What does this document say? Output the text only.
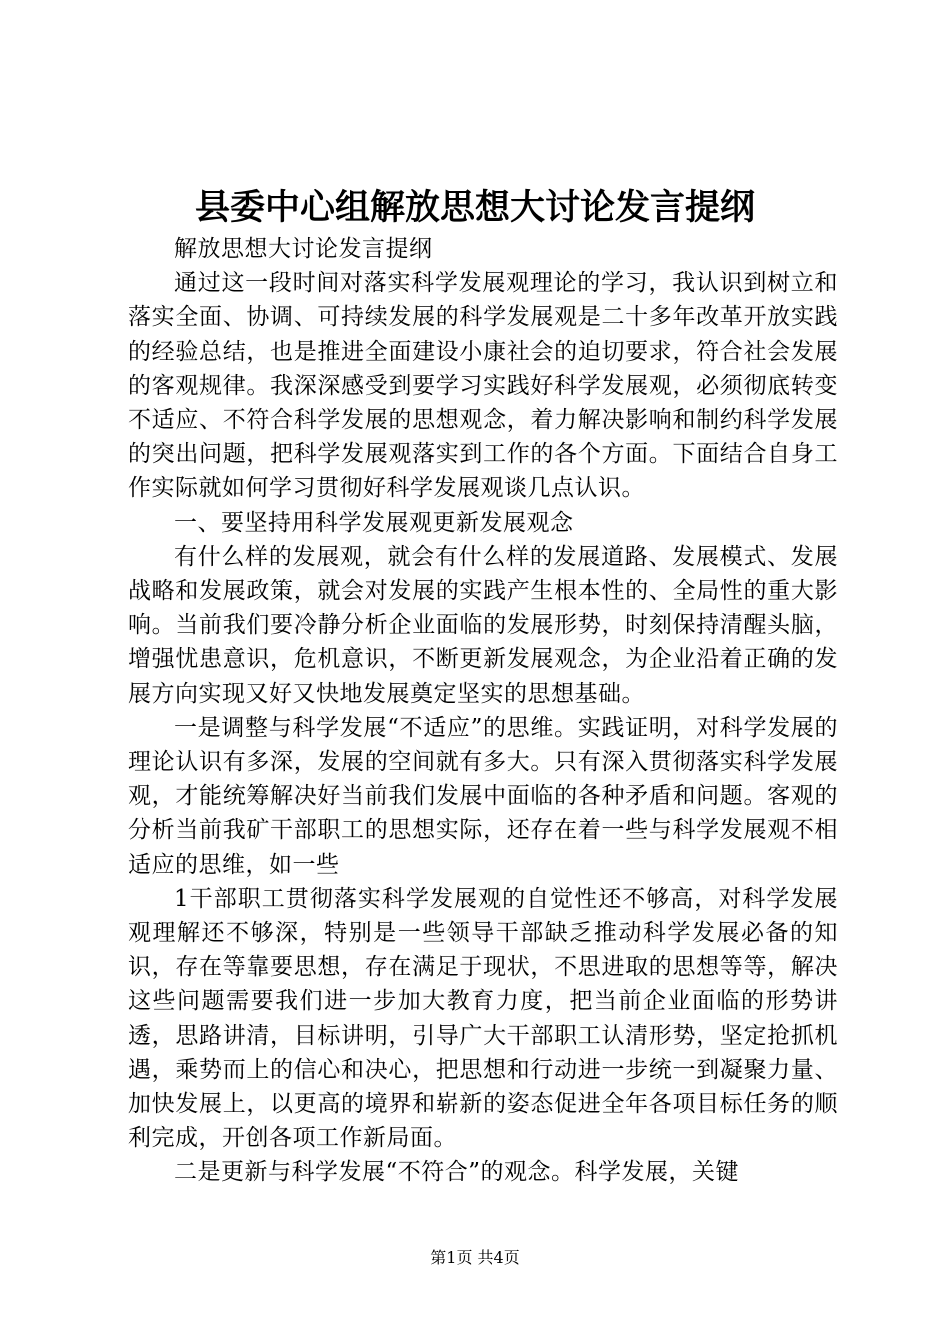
县委中心组解放思想大讨论发言提纲

解放思想大讨论发言提纲

通过这一段时间对落实科学发展观理论的学习，我认识到树立和落实全面、协调、可持续发展的科学发展观是二十多年改革开放实践的经验总结，也是推进全面建设小康社会的迫切要求，符合社会发展的客观规律。我深深感受到要学习实践好科学发展观，必须彻底转变不适应、不符合科学发展的思想观念，着力解决影响和制约科学发展的突出问题，把科学发展观落实到工作的各个方面。下面结合自身工作实际就如何学习贯彻好科学发展观谈几点认识。

一、要坚持用科学发展观更新发展观念

有什么样的发展观，就会有什么样的发展道路、发展模式、发展战略和发展政策，就会对发展的实践产生根本性的、全局性的重大影响。当前我们要冷静分析企业面临的发展形势，时刻保持清醒头脑，增强忧患意识，危机意识，不断更新发展观念，为企业沿着正确的发展方向实现又好又快地发展奠定坚实的思想基础。

一是调整与科学发展“不适应”的思维。实践证明，对科学发展的理论认识有多深，发展的空间就有多大。只有深入贯彻落实科学发展观，才能统筹解决好当前我们发展中面临的各种矛盾和问题。客观的分析当前我矿干部职工的思想实际，还存在着一些与科学发展观不相适应的思维，如一些

1干部职工贯彻落实科学发展观的自觉性还不够高，对科学发展观理解还不够深，特别是一些领导干部缺乏推动科学发展必备的知识，存在等靠要思想，存在满足于现状，不思进取的思想等等，解决这些问题需要我们进一步加大教育力度，把当前企业面临的形势讲透，思路讲清，目标讲明，引导广大干部职工认清形势，坚定抢抓机遇，乘势而上的信心和决心，把思想和行动进一步统一到凝聚力量、加快发展上，以更高的境界和崭新的姿态促进全年各项目标任务的顺利完成，开创各项工作新局面。

二是更新与科学发展“不符合”的观念。科学发展，关键

第1页 共4页
